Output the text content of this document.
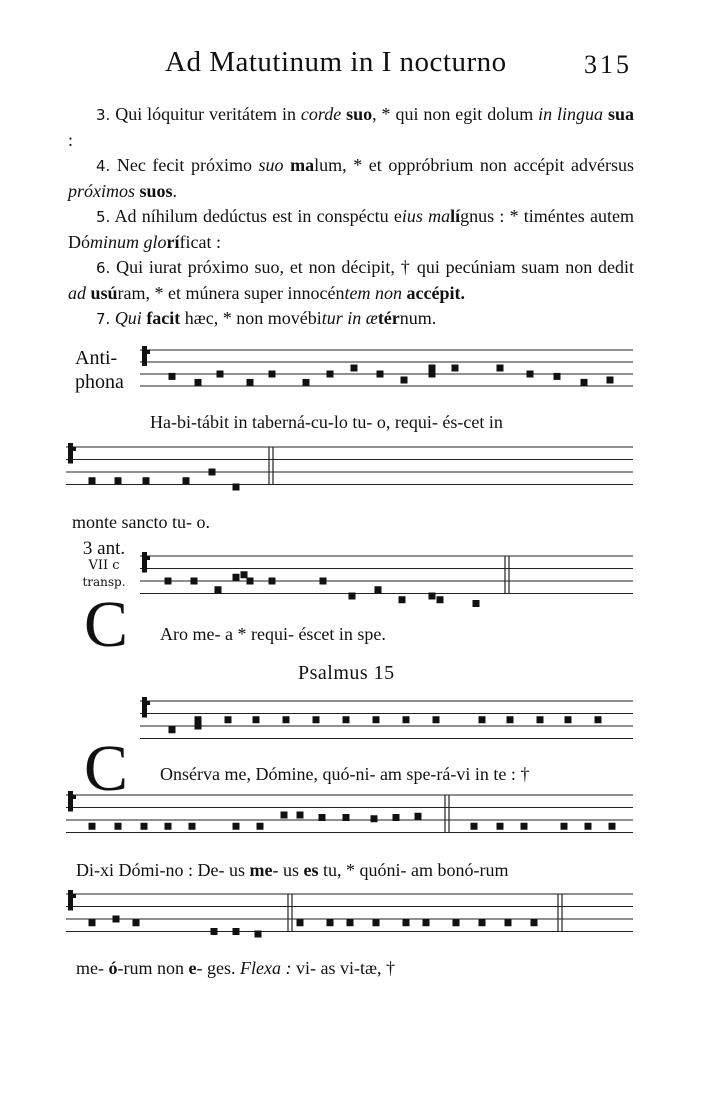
Ad Matutinum in I nocturno	315

3. Qui lóquitur veritátem in corde suo, * qui non egit dolum in lingua sua :

4. Nec fecit próximo suo malum, * et oppróbrium non accépit advérsus próximos suos.

5. Ad níhilum dedúctus est in conspéctu eius malígnus : * timéntes autem Dóminum gloríficat :

6. Qui iurat próximo suo, et non décipit, † qui pecúniam suam non dedit ad usúram, * et múnera super innocéntem non accépit.

7. Qui facit hæc, * non movébitur in ætérnum.

Anti-
phona
Ha-bi-tábit in taberná-cu-lo tu- o, requi- és-cet in
monte sancto tu- o.
3 ant.
VII c
transp.
C Aro me- a * requi- éscet in spe.
Psalmus 15
C Onsérva me, Dómine, quó-ni- am spe-rá-vi in te : †
Di-xi Dómi-no : De- us me- us es tu, * quóni- am bonó-rum
me- ó-rum non e- ges. Flexa : vi- as vi-tæ, †
